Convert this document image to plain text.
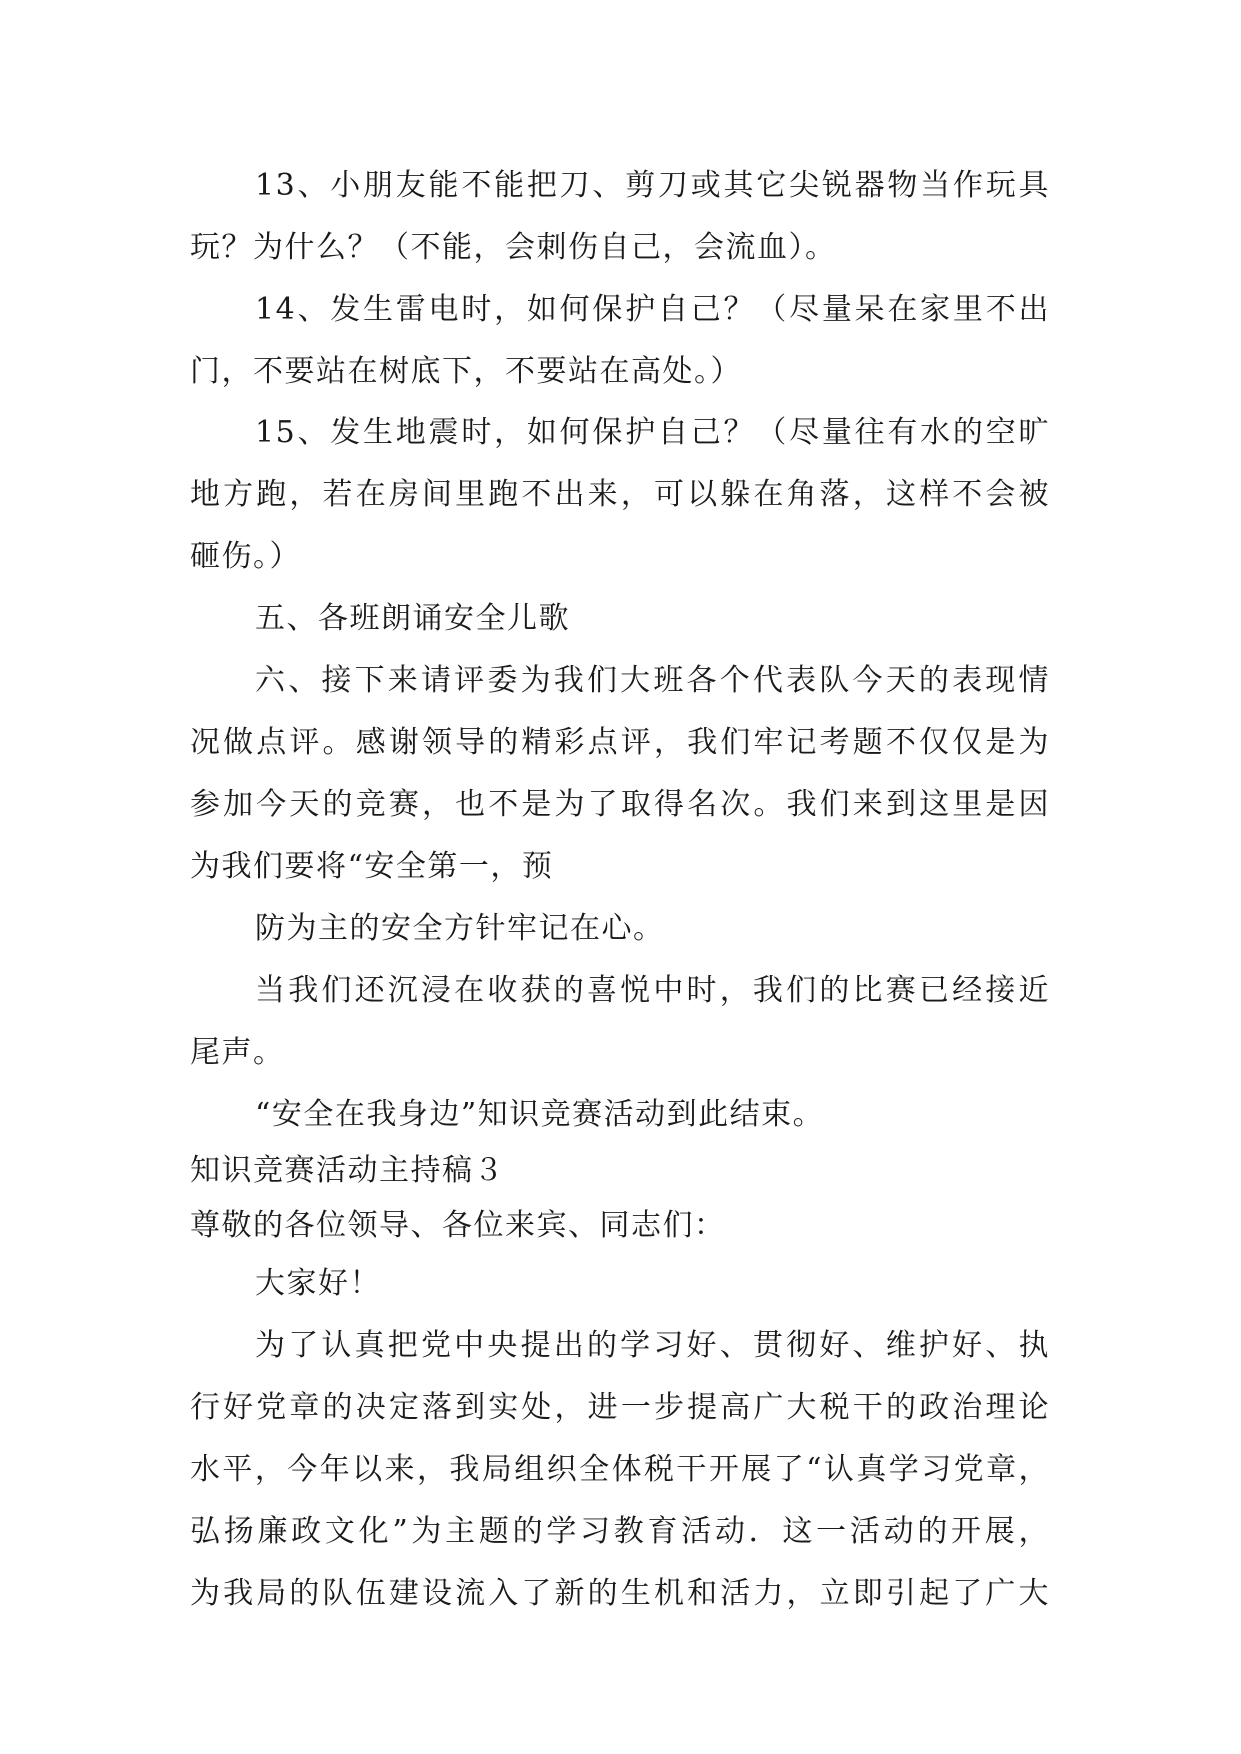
13、小朋友能不能把刀、剪刀或其它尖锐器物当作玩具
玩？为什么？（不能，会刺伤自己，会流血）。
14、发生雷电时，如何保护自己？（尽量呆在家里不出
门，不要站在树底下，不要站在高处。）
15、发生地震时，如何保护自己？（尽量往有水的空旷
地方跑，若在房间里跑不出来，可以躲在角落，这样不会被
砸伤。）
五、各班朗诵安全儿歌
六、接下来请评委为我们大班各个代表队今天的表现情
况做点评。感谢领导的精彩点评，我们牢记考题不仅仅是为
参加今天的竞赛，也不是为了取得名次。我们来到这里是因
为我们要将“安全第一，预
防为主的安全方针牢记在心。
当我们还沉浸在收获的喜悦中时，我们的比赛已经接近
尾声。
“安全在我身边”知识竞赛活动到此结束。
知识竞赛活动主持稿３
尊敬的各位领导、各位来宾、同志们：
大家好！
为了认真把党中央提出的学习好、贯彻好、维护好、执
行好党章的决定落到实处，进一步提高广大税干的政治理论
水平，今年以来，我局组织全体税干开展了“认真学习党章，
弘扬廉政文化”为主题的学习教育活动．这一活动的开展，
为我局的队伍建设流入了新的生机和活力，立即引起了广大
